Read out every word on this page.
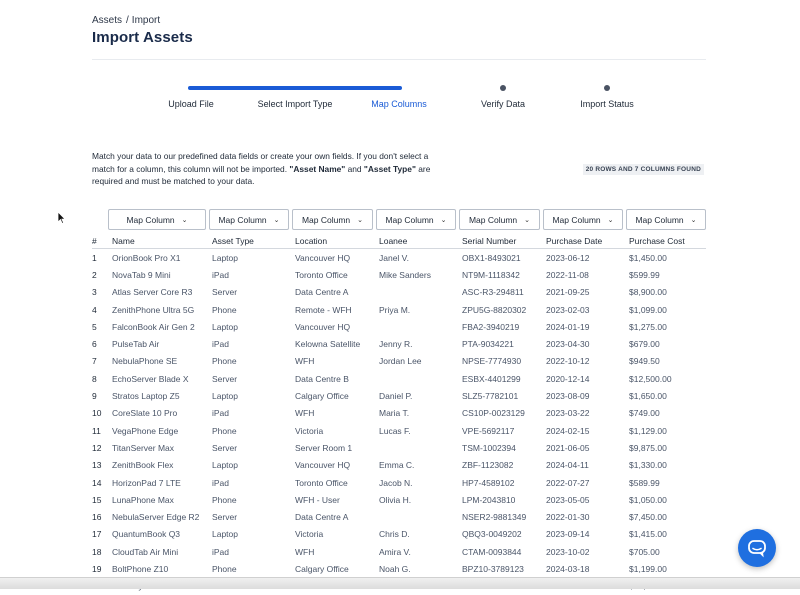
Assets / Import
Import Assets
Upload File	Select Import Type	Map Columns	Verify Data	Import Status
Match your data to our predefined data fields or create your own fields. If you don't select a match for a column, this column will not be imported. "Asset Name" and "Asset Type" are required and must be matched to your data.
20 ROWS AND 7 COLUMNS FOUND
Map Column ⌄	Map Column ⌄	Map Column ⌄	Map Column ⌄	Map Column ⌄	Map Column ⌄	Map Column ⌄
#	Name	Asset Type	Location	Loanee	Serial Number	Purchase Date	Purchase Cost
1	OrionBook Pro X1	Laptop	Vancouver HQ	Janel V.	OBX1-8493021	2023-06-12	$1,450.00
2	NovaTab 9 Mini	iPad	Toronto Office	Mike Sanders	NT9M-1118342	2022-11-08	$599.99
3	Atlas Server Core R3	Server	Data Centre A		ASC-R3-294811	2021-09-25	$8,900.00
4	ZenithPhone Ultra 5G	Phone	Remote - WFH	Priya M.	ZPU5G-8820302	2023-02-03	$1,099.00
5	FalconBook Air Gen 2	Laptop	Vancouver HQ		FBA2-3940219	2024-01-19	$1,275.00
6	PulseTab Air	iPad	Kelowna Satellite	Jenny R.	PTA-9034221	2023-04-30	$679.00
7	NebulaPhone SE	Phone	WFH	Jordan Lee	NPSE-7774930	2022-10-12	$949.50
8	EchoServer Blade X	Server	Data Centre B		ESBX-4401299	2020-12-14	$12,500.00
9	Stratos Laptop Z5	Laptop	Calgary Office	Daniel P.	SLZ5-7782101	2023-08-09	$1,650.00
10	CoreSlate 10 Pro	iPad	WFH	Maria T.	CS10P-0023129	2023-03-22	$749.00
11	VegaPhone Edge	Phone	Victoria	Lucas F.	VPE-5692117	2024-02-15	$1,129.00
12	TitanServer Max	Server	Server Room 1		TSM-1002394	2021-06-05	$9,875.00
13	ZenithBook Flex	Laptop	Vancouver HQ	Emma C.	ZBF-1123082	2024-04-11	$1,330.00
14	HorizonPad 7 LTE	iPad	Toronto Office	Jacob N.	HP7-4589102	2022-07-27	$589.99
15	LunaPhone Max	Phone	WFH - User	Olivia H.	LPM-2043810	2023-05-05	$1,050.00
16	NebulaServer Edge R2	Server	Data Centre A		NSER2-9881349	2022-01-30	$7,450.00
17	QuantumBook Q3	Laptop	Victoria	Chris D.	QBQ3-0049202	2023-09-14	$1,415.00
18	CloudTab Air Mini	iPad	WFH	Amira V.	CTAM-0093844	2023-10-02	$705.00
19	BoltPhone Z10	Phone	Calgary Office	Noah G.	BPZ10-3789123	2024-03-18	$1,199.00
